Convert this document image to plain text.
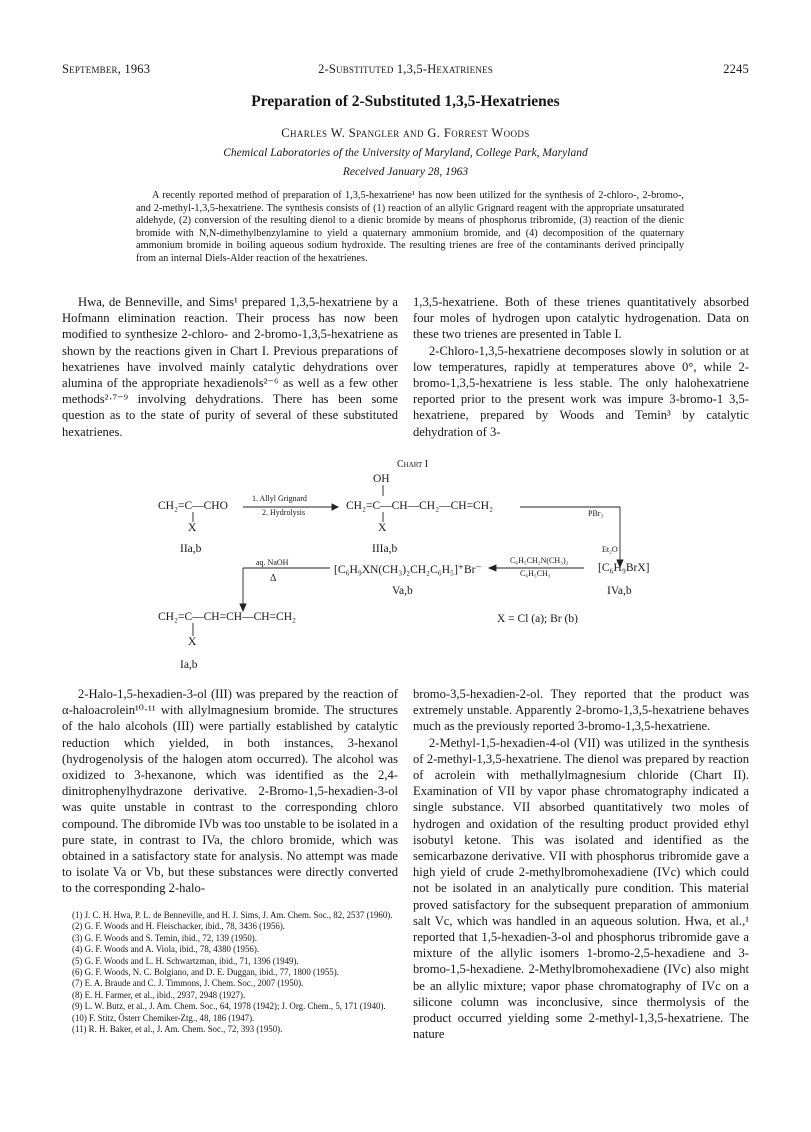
September, 1963	2-Substituted 1,3,5-Hexatrienes	2245
Preparation of 2-Substituted 1,3,5-Hexatrienes
Charles W. Spangler and G. Forrest Woods
Chemical Laboratories of the University of Maryland, College Park, Maryland
Received January 28, 1963
A recently reported method of preparation of 1,3,5-hexatriene¹ has now been utilized for the synthesis of 2-chloro-, 2-bromo-, and 2-methyl-1,3,5-hexatriene. The synthesis consists of (1) reaction of an allylic Grignard reagent with the appropriate unsaturated aldehyde, (2) conversion of the resulting dienol to a dienic bromide by means of phosphorus tribromide, (3) reaction of the dienic bromide with N,N-dimethylbenzylamine to yield a quaternary ammonium bromide, and (4) decomposition of the quaternary ammonium bromide in boiling aqueous sodium hydroxide. The resulting trienes are free of the contaminants derived principally from an internal Diels-Alder reaction of the hexatrienes.

Hwa, de Benneville, and Sims¹ prepared 1,3,5-hexatriene by a Hofmann elimination reaction. Their process has now been modified to synthesize 2-chloro- and 2-bromo-1,3,5-hexatriene as shown by the reactions given in Chart I. Previous preparations of hexatrienes have involved mainly catalytic dehydrations over alumina of the appropriate hexadienols²⁻⁶ as well as a few other methods²·⁷⁻⁹ involving dehydrations. There has been some question as to the state of purity of several of these substituted hexatrienes.

1,3,5-hexatriene. Both of these trienes quantitatively absorbed four moles of hydrogen upon catalytic hydrogenation. Data on these two trienes are presented in Table I.

2-Chloro-1,3,5-hexatriene decomposes slowly in solution or at low temperatures, rapidly at temperatures above 0°, while 2-bromo-1,3,5-hexatriene is less stable. The only halohexatriene reported prior to the present work was impure 3-bromo-1 3,5-hexatriene, prepared by Woods and Temin³ by catalytic dehydration of 3-

Chart I
CH₂=C—CHO
X
IIa,b
1. Allyl Grignard
2. Hydrolysis
OH
CH₂=C—CH—CH₂—CH=CH₂
X
IIIa,b
PBr₃
Et₂O
[C₆H₉BrX]
IVa,b
C₆H₅CH₂N(CH₃)₂
C₆H₅CH₃
[C₆H₉XN(CH₃)₂CH₂C₆H₅]⁺Br⁻
Va,b
aq. NaOH
Δ
CH₂=C—CH=CH—CH=CH₂
X
Ia,b
X = Cl (a); Br (b)

2-Halo-1,5-hexadien-3-ol (III) was prepared by the reaction of α-haloacrolein¹⁰·¹¹ with allylmagnesium bromide. The structures of the halo alcohols (III) were partially established by catalytic reduction which yielded, in both instances, 3-hexanol (hydrogenolysis of the halogen atom occurred). The alcohol was oxidized to 3-hexanone, which was identified as the 2,4-dinitrophenylhydrazone derivative. 2-Bromo-1,5-hexadien-3-ol was quite unstable in contrast to the corresponding chloro compound. The dibromide IVb was too unstable to be isolated in a pure state, in contrast to IVa, the chloro bromide, which was obtained in a satisfactory state for analysis. No attempt was made to isolate Va or Vb, but these substances were directly converted to the corresponding 2-halo-

bromo-3,5-hexadien-2-ol. They reported that the product was extremely unstable. Apparently 2-bromo-1,3,5-hexatriene behaves much as the previously reported 3-bromo-1,3,5-hexatriene.

2-Methyl-1,5-hexadien-4-ol (VII) was utilized in the synthesis of 2-methyl-1,3,5-hexatriene. The dienol was prepared by reaction of acrolein with methallylmagnesium chloride (Chart II). Examination of VII by vapor phase chromatography indicated a single substance. VII absorbed quantitatively two moles of hydrogen and oxidation of the resulting product provided ethyl isobutyl ketone. This was isolated and identified as the semicarbazone derivative. VII with phosphorus tribromide gave a high yield of crude 2-methylbromohexadiene (IVc) which could not be isolated in an analytically pure condition. This material proved satisfactory for the subsequent preparation of ammonium salt Vc, which was handled in an aqueous solution. Hwa, et al.,¹ reported that 1,5-hexadien-3-ol and phosphorus tribromide gave a mixture of the allylic isomers 1-bromo-2,5-hexadiene and 3-bromo-1,5-hexadiene. 2-Methylbromohexadiene (IVc) also might be an allylic mixture; vapor phase chromatography of IVc on a silicone column was inconclusive, since thermolysis of the product occurred yielding some 2-methyl-1,3,5-hexatriene. The nature

(1) J. C. H. Hwa, P. L. de Benneville, and H. J. Sims, J. Am. Chem. Soc., 82, 2537 (1960).
(2) G. F. Woods and H. Fleischacker, ibid., 78, 3436 (1956).
(3) G. F. Woods and S. Temin, ibid., 72, 139 (1950).
(4) G. F. Woods and A. Viola, ibid., 78, 4380 (1956).
(5) G. F. Woods and L. H. Schwartzman, ibid., 71, 1396 (1949).
(6) G. F. Woods, N. C. Bolgiano, and D. E. Duggan, ibid., 77, 1800 (1955).
(7) E. A. Braude and C. J. Timmons, J. Chem. Soc., 2007 (1950).
(8) E. H. Farmer, et al., ibid., 2937, 2948 (1927).
(9) L. W. Butz, et al., J. Am. Chem. Soc., 64, 1978 (1942); J. Org. Chem., 5, 171 (1940).
(10) F. Stitz, Österr Chemiker-Ztg., 48, 186 (1947).
(11) R. H. Baker, et al., J. Am. Chem. Soc., 72, 393 (1950).
